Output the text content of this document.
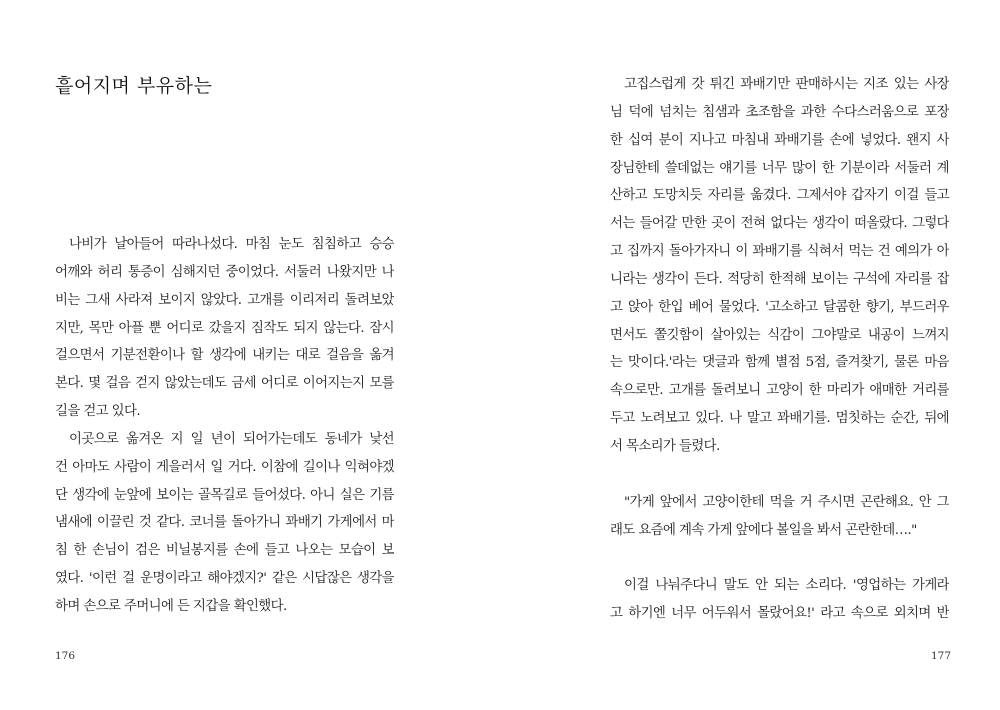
흩어지며 부유하는
나비가 날아들어 따라나섰다. 마침 눈도 침침하고 승승
어깨와 허리 통증이 심해지던 중이었다. 서둘러 나왔지만 나
비는 그새 사라져 보이지 않았다. 고개를 이리저리 돌려보았
지만, 목만 아플 뿐 어디로 갔을지 짐작도 되지 않는다. 잠시
걸으면서 기분전환이나 할 생각에 내키는 대로 걸음을 옮겨
본다. 몇 걸음 걷지 않았는데도 금세 어디로 이어지는지 모를
길을 걷고 있다.
이곳으로 옮겨온 지 일 년이 되어가는데도 동네가 낯선
건 아마도 사람이 게을러서 일 거다. 이참에 길이나 익혀야겠
단 생각에 눈앞에 보이는 골목길로 들어섰다. 아니 실은 기름
냄새에 이끌린 것 같다. 코너를 돌아가니 꽈배기 가게에서 마
침 한 손님이 검은 비닐봉지를 손에 들고 나오는 모습이 보
였다. '이런 걸 운명이라고 해야겠지?' 같은 시답잖은 생각을
하며 손으로 주머니에 든 지갑을 확인했다.
176
고집스럽게 갓 튀긴 꽈배기만 판매하시는 지조 있는 사장
님 덕에 넘치는 침샘과 초조함을 과한 수다스러움으로 포장
한 십여 분이 지나고 마침내 꽈배기를 손에 넣었다. 왠지 사
장님한테 쓸데없는 얘기를 너무 많이 한 기분이라 서둘러 계
산하고 도망치듯 자리를 옮겼다. 그제서야 갑자기 이걸 들고
서는 들어갈 만한 곳이 전혀 없다는 생각이 떠올랐다. 그렇다
고 집까지 돌아가자니 이 꽈배기를 식혀서 먹는 건 예의가 아
니라는 생각이 든다. 적당히 한적해 보이는 구석에 자리를 잡
고 앉아 한입 베어 물었다. '고소하고 달콤한 향기, 부드러우
면서도 쫄깃함이 살아있는 식감이 그야말로 내공이 느껴지
는 맛이다.'라는 댓글과 함께 별점 5점, 즐겨찾기, 물론 마음
속으로만. 고개를 돌려보니 고양이 한 마리가 애매한 거리를
두고 노려보고 있다. 나 말고 꽈배기를. 멈칫하는 순간, 뒤에
서 목소리가 들렸다.
"가게 앞에서 고양이한테 먹을 거 주시면 곤란해요. 안 그
래도 요즘에 계속 가게 앞에다 볼일을 봐서 곤란한데…."
이걸 나눠주다니 말도 안 되는 소리다. '영업하는 가게라
고 하기엔 너무 어두워서 몰랐어요!' 라고 속으로 외치며 반
177
